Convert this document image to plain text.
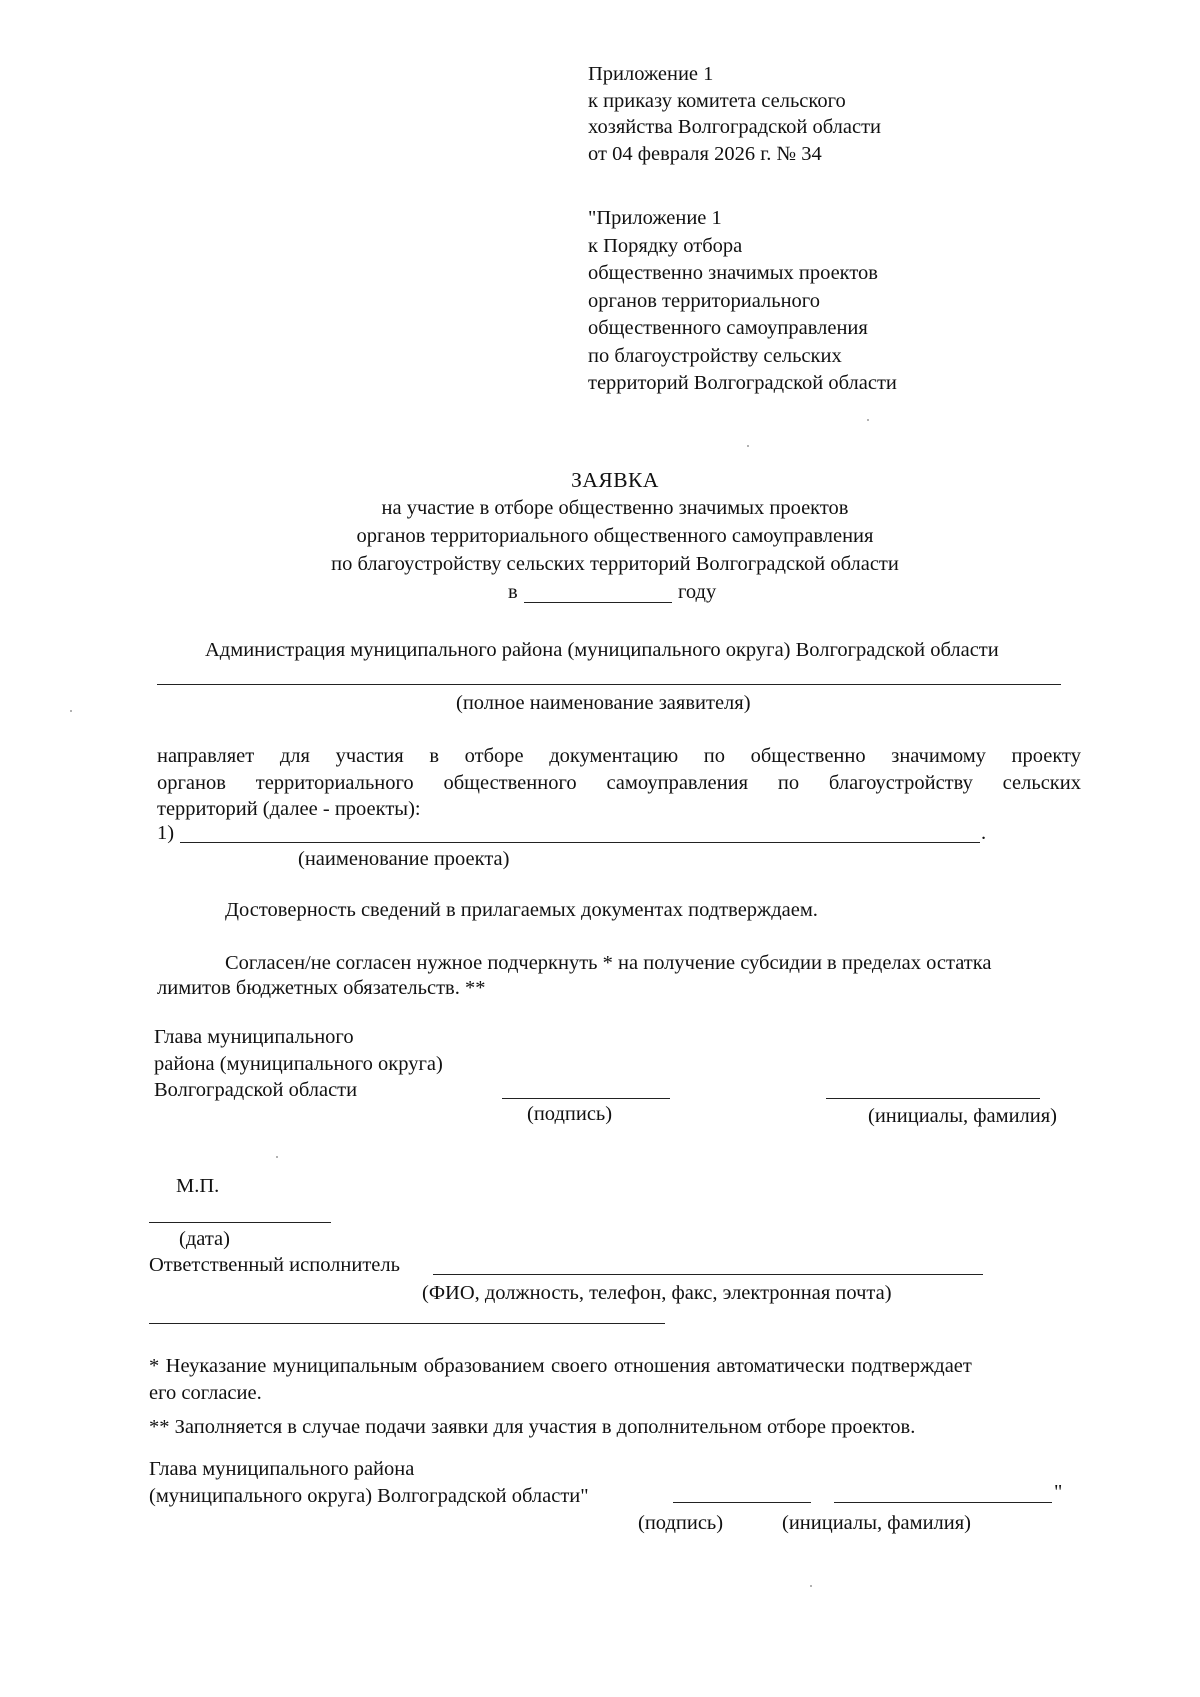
Приложение 1
к приказу комитета сельского
хозяйства Волгоградской области
от 04 февраля 2026 г. № 34
"Приложение 1
к Порядку отбора
общественно значимых проектов
органов территориального
общественного самоуправления
по благоустройству сельских
территорий Волгоградской области
ЗАЯВКА
на участие в отборе общественно значимых проектов
органов территориального общественного самоуправления
по благоустройству сельских территорий Волгоградской области
в	году
Администрация муниципального района (муниципального округа) Волгоградской области
(полное наименование заявителя)
направляет для участия в отборе документацию по общественно значимому проекту
органов территориального общественного самоуправления по благоустройству сельских
территорий (далее - проекты):
1)	.
(наименование проекта)
Достоверность сведений в прилагаемых документах подтверждаем.
Согласен/не согласен нужное подчеркнуть * на получение субсидии в пределах остатка
лимитов бюджетных обязательств. **
Глава муниципального
района (муниципального округа)
Волгоградской области
(подпись)	(инициалы, фамилия)
М.П.
(дата)
Ответственный исполнитель
(ФИО, должность, телефон, факс, электронная почта)
* Неуказание муниципальным образованием своего отношения автоматически подтверждает
его согласие.
** Заполняется в случае подачи заявки для участия в дополнительном отборе проектов.
Глава муниципального района
(муниципального округа) Волгоградской области"	"
(подпись)	(инициалы, фамилия)
